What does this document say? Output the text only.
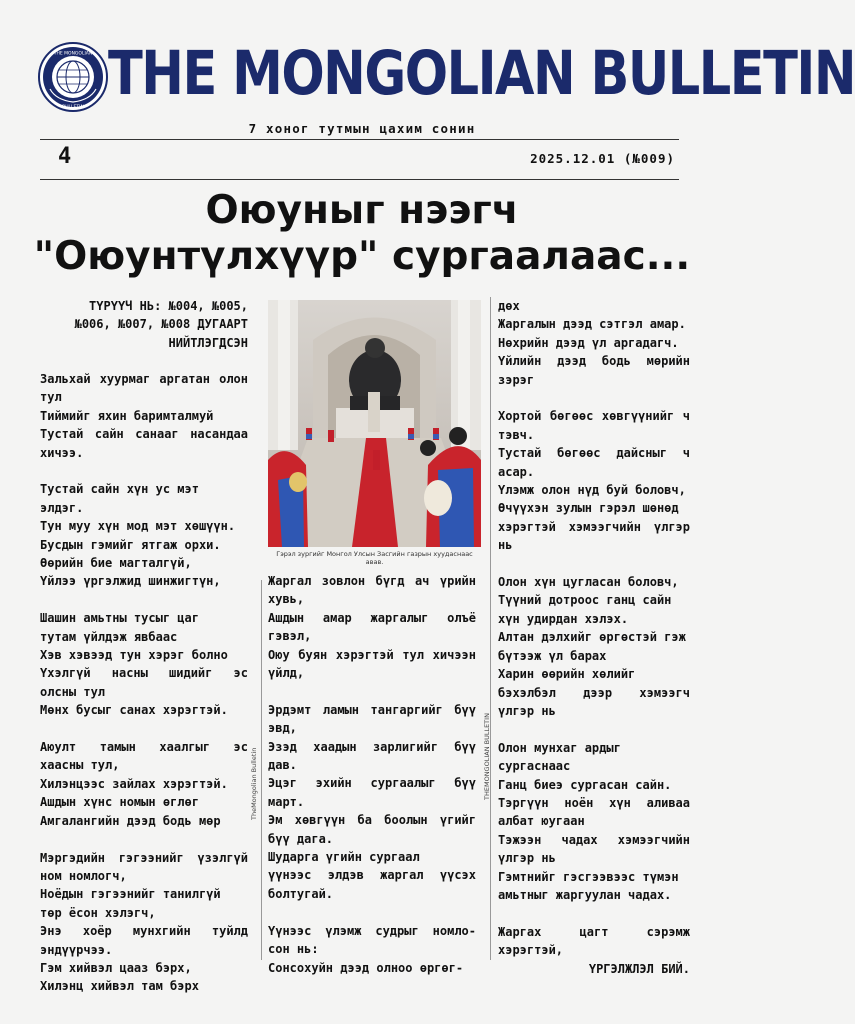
THE MONGOLIAN
BULLETIN THE MONGOLIAN BULLETIN
7 хоног тутмын цахим сонин
4	2025.12.01 (№009)
Оюуныг нээгч
"Оюунтүлхүүр" сургаалаас...
ТҮРҮҮЧ НЬ: №004, №005,
№006, №007, №008 ДУГААРТ
НИЙТЛЭГДСЭН

Зальхай хуурмаг аргатан олон

тул

Тиймийг яхин баримталмуй

Тустай сайн санааг насандаа

хичээ.

Тустай сайн хүн ус мэт элдэг.

Тун муу хүн мод мэт хөшүүн.

Бусдын гэмийг ятгаж орхи.

Өөрийн бие магталгүй,

Үйлээ үргэлжид шинжигтүн,

Шашин амьтны тусыг цаг

тутам үйлдэж явбаас

Хэв хэвээд тун хэрэг болно

Үхэлгүй насны шидийг эс

олсны тул

Мөнх бусыг санах хэрэгтэй.

Аюулт тамын хаалгыг эс

хаасны тул,

Хилэнцээс зайлах хэрэгтэй.

Ашдын хүнс номын өглөг

Амгалангийн дээд бодь мөр

Мэргэдийн гэгээнийг үзэлгүй

ном номлогч,

Ноёдын гэгээнийг танилгүй

төр ёсон хэлэгч,

Энэ хоёр мунхгийн туйлд

эндүүрчээ.

Гэм хийвэл цааз бэрх,

Хилэнц хийвэл там бэрх

Гэрэл зургийг Монгол Улсын Засгийн газрын хуудаснаас авав.
TheMongolian Bulletin	THEMONGOLIAN BULLETIN

Жаргал зовлон бүгд ач үрийн

хувь,

Ашдын амар жаргалыг олъё

гэвэл,

Оюу буян хэрэгтэй тул хичээн

үйлд,

Эрдэмт ламын тангаргийг бүү

эвд,

Эзэд хаадын зарлигийг бүү

дав.

Эцэг эхийн сургаалыг бүү

март.

Эм хөвгүүн ба боолын үгийг

бүү дага.

Шударга үгийн сургаал

үүнээс элдэв жаргал үүсэх

болтугай.

Үүнээс үлэмж судрыг номло-

сон нь:

Сонсохуйн дээд олноо өргөг-

дөх

Жаргалын дээд сэтгэл амар.

Нөхрийн дээд үл аргадагч.

Үйлийн дээд бодь мөрийн

зэрэг

Хортой бөгөөс хөвгүүнийг ч

тэвч.

Тустай бөгөөс дайсныг ч

асар.

Үлэмж олон нүд буй боловч,

Өчүүхэн зулын гэрэл шөнөд

хэрэгтэй хэмээгчийн үлгэр

нь

Олон хүн цугласан боловч,

Түүний дотроос ганц сайн

хүн удирдан хэлэх.

Алтан дэлхийг өргөстэй гэж

бүтээж үл барах

Харин өөрийн хөлийг

бэхэлбэл дээр хэмээгч

үлгэр нь

Олон мунхаг ардыг

сургаснаас

Ганц биеэ сургасан сайн.

Тэргүүн ноён хүн аливаа

албат юугаан

Тэжээн чадах хэмээгчийн

үлгэр нь

Гэмтнийг гэсгээвээс түмэн

амьтныг жаргуулан чадах.

Жаргах цагт сэрэмж

хэрэгтэй,

ҮРГЭЛЖЛЭЛ БИЙ.
